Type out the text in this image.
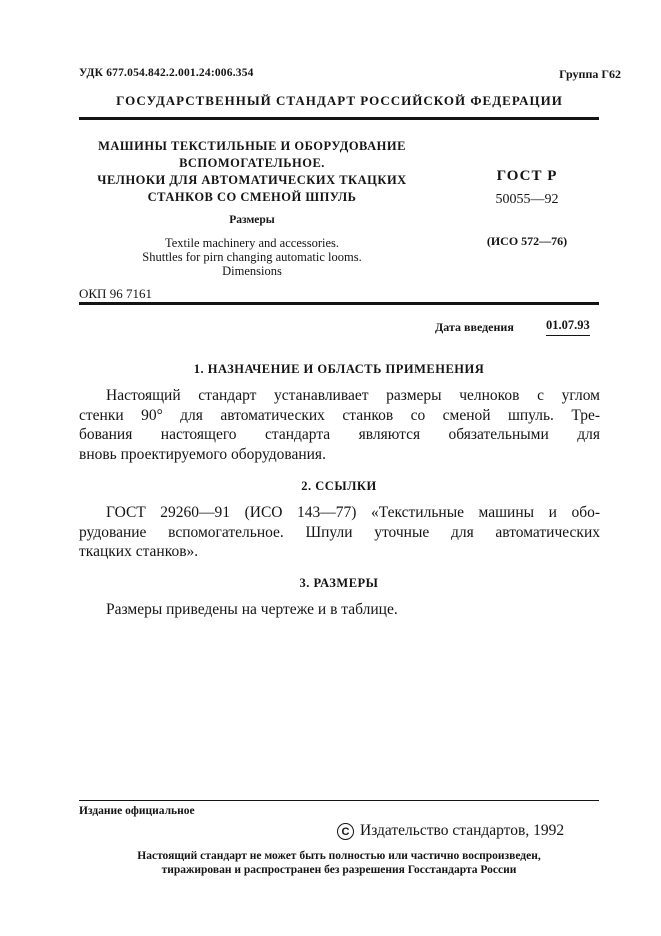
УДК 677.054.842.2.001.24:006.354	Группа Г62
ГОСУДАРСТВЕННЫЙ СТАНДАРТ РОССИЙСКОЙ ФЕДЕРАЦИИ
МАШИНЫ ТЕКСТИЛЬНЫЕ И ОБОРУДОВАНИЕ
ВСПОМОГАТЕЛЬНОЕ.
ЧЕЛНОКИ ДЛЯ АВТОМАТИЧЕСКИХ ТКАЦКИХ
СТАНКОВ СО СМЕНОЙ ШПУЛЬ
Размеры
Textile machinery and accessories.
Shuttles for pirn changing automatic looms.
Dimensions
ОКП 96 7161
ГОСТ Р
50055—92
(ИСО 572—76)
Дата введения	01.07.93
1. НАЗНАЧЕНИЕ И ОБЛАСТЬ ПРИМЕНЕНИЯ
Настоящий стандарт устанавливает размеры челноков с углом
стенки 90° для автоматических станков со сменой шпуль. Тре-
бования настоящего стандарта являются обязательными для
вновь проектируемого оборудования.
2. ССЫЛКИ
ГОСТ 29260—91 (ИСО 143—77) «Текстильные машины и обо-
рудование вспомогательное. Шпули уточные для автоматических
ткацких станков».
3. РАЗМЕРЫ
Размеры приведены на чертеже и в таблице.
Издание официальное
C Издательство стандартов, 1992
Настоящий стандарт не может быть полностью или частично воспроизведен,
тиражирован и распространен без разрешения Госстандарта России
